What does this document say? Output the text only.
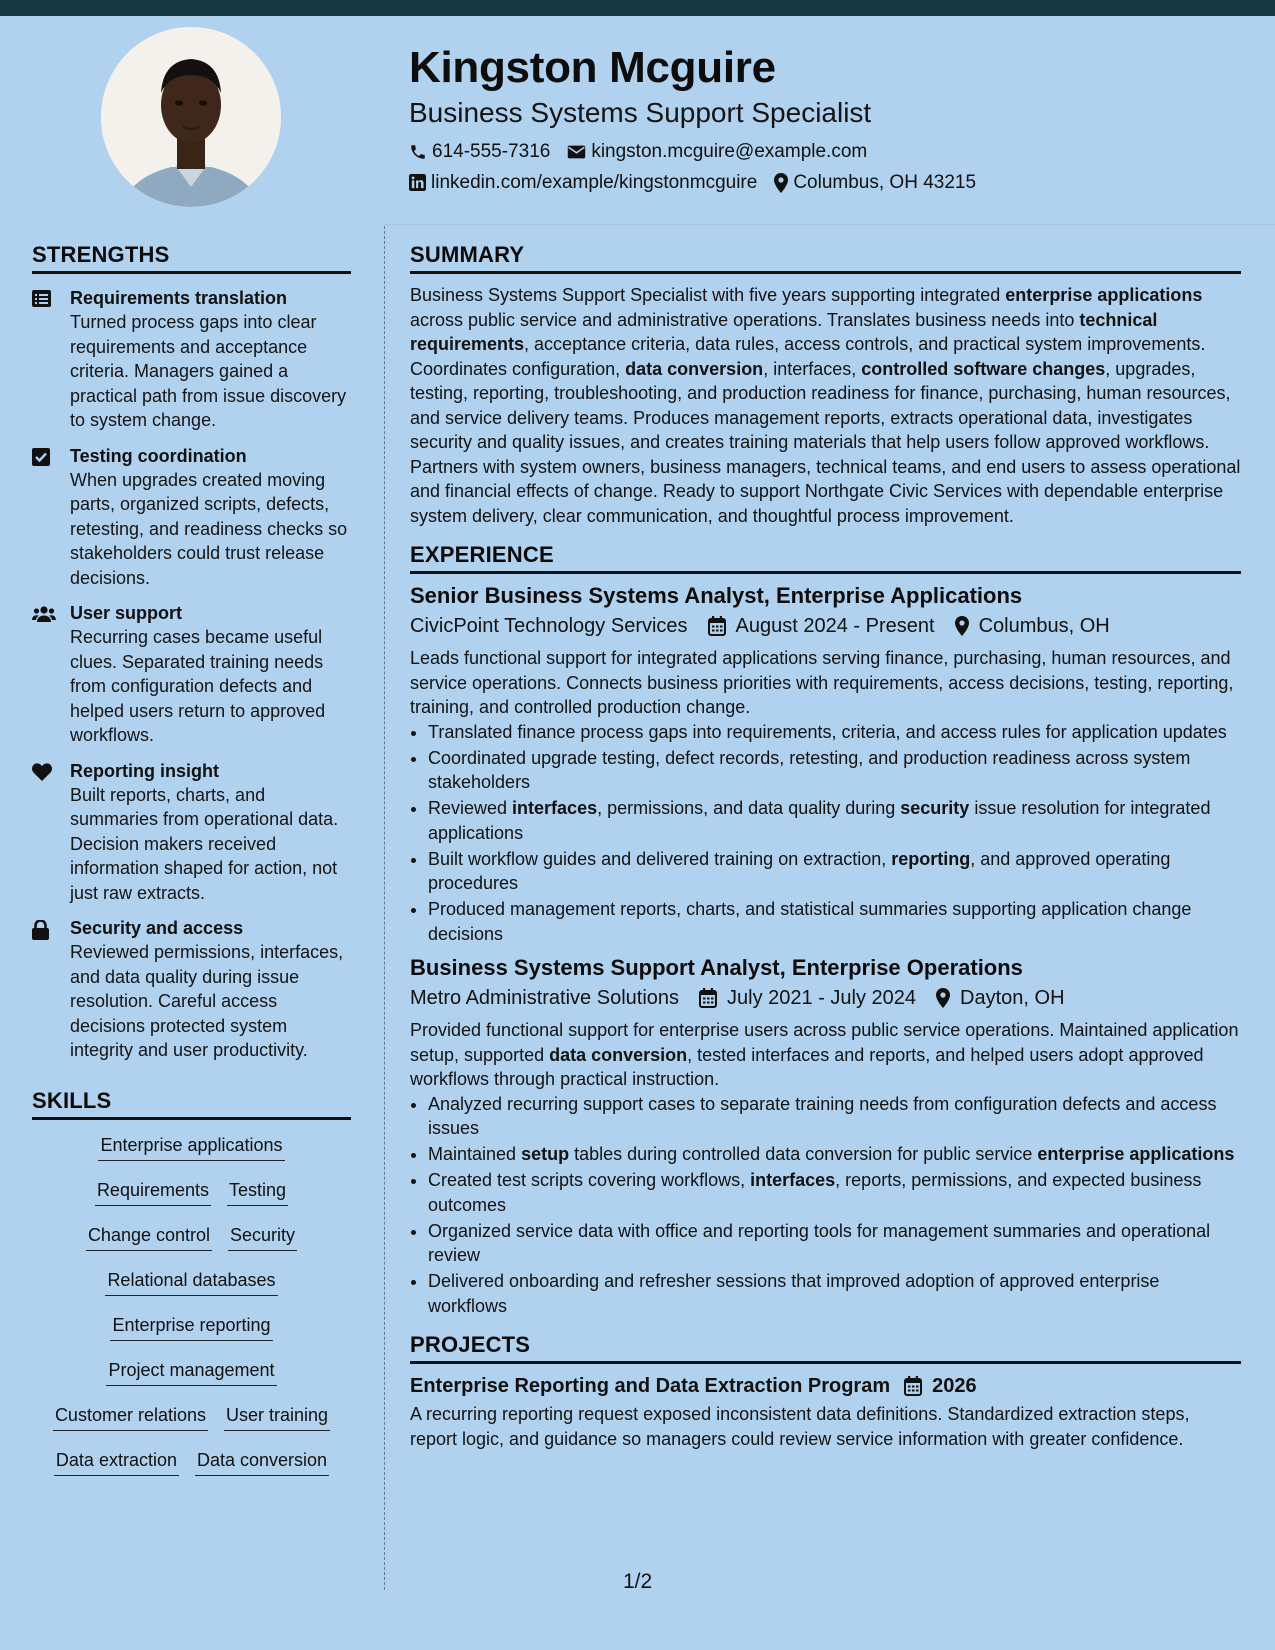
Kingston Mcguire
Business Systems Support Specialist
614-555-7316 kingston.mcguire@example.com
linkedin.com/example/kingstonmcguire Columbus, OH 43215
STRENGTHS
Requirements translation
Turned process gaps into clear requirements and acceptance criteria. Managers gained a practical path from issue discovery to system change.
Testing coordination
When upgrades created moving parts, organized scripts, defects, retesting, and readiness checks so stakeholders could trust release decisions.
User support
Recurring cases became useful clues. Separated training needs from configuration defects and helped users return to approved workflows.
Reporting insight
Built reports, charts, and summaries from operational data. Decision makers received information shaped for action, not just raw extracts.
Security and access
Reviewed permissions, interfaces, and data quality during issue resolution. Careful access decisions protected system integrity and user productivity.
SKILLS
Enterprise applications
Requirements Testing
Change control Security
Relational databases
Enterprise reporting
Project management
Customer relations User training
Data extraction Data conversion
SUMMARY

Business Systems Support Specialist with five years supporting integrated enterprise applications across public service and administrative operations. Translates business needs into technical requirements, acceptance criteria, data rules, access controls, and practical system improvements. Coordinates configuration, data conversion, interfaces, controlled software changes, upgrades, testing, reporting, troubleshooting, and production readiness for finance, purchasing, human resources, and service delivery teams. Produces management reports, extracts operational data, investigates security and quality issues, and creates training materials that help users follow approved workflows. Partners with system owners, business managers, technical teams, and end users to assess operational and financial effects of change. Ready to support Northgate Civic Services with dependable enterprise system delivery, clear communication, and thoughtful process improvement.

EXPERIENCE
Senior Business Systems Analyst, Enterprise Applications
CivicPoint Technology Services August 2024 - Present Columbus, OH

Leads functional support for integrated applications serving finance, purchasing, human resources, and service operations. Connects business priorities with requirements, access decisions, testing, reporting, training, and controlled production change.

• Translated finance process gaps into requirements, criteria, and access rules for application updates
• Coordinated upgrade testing, defect records, retesting, and production readiness across system stakeholders
• Reviewed interfaces, permissions, and data quality during security issue resolution for integrated applications
• Built workflow guides and delivered training on extraction, reporting, and approved operating procedures
• Produced management reports, charts, and statistical summaries supporting application change decisions
Business Systems Support Analyst, Enterprise Operations
Metro Administrative Solutions July 2021 - July 2024 Dayton, OH

Provided functional support for enterprise users across public service operations. Maintained application setup, supported data conversion, tested interfaces and reports, and helped users adopt approved workflows through practical instruction.

• Analyzed recurring support cases to separate training needs from configuration defects and access issues
• Maintained setup tables during controlled data conversion for public service enterprise applications
• Created test scripts covering workflows, interfaces, reports, permissions, and expected business outcomes
• Organized service data with office and reporting tools for management summaries and operational review
• Delivered onboarding and refresher sessions that improved adoption of approved enterprise workflows
PROJECTS
Enterprise Reporting and Data Extraction Program 2026

A recurring reporting request exposed inconsistent data definitions. Standardized extraction steps, report logic, and guidance so managers could review service information with greater confidence.

1/2
